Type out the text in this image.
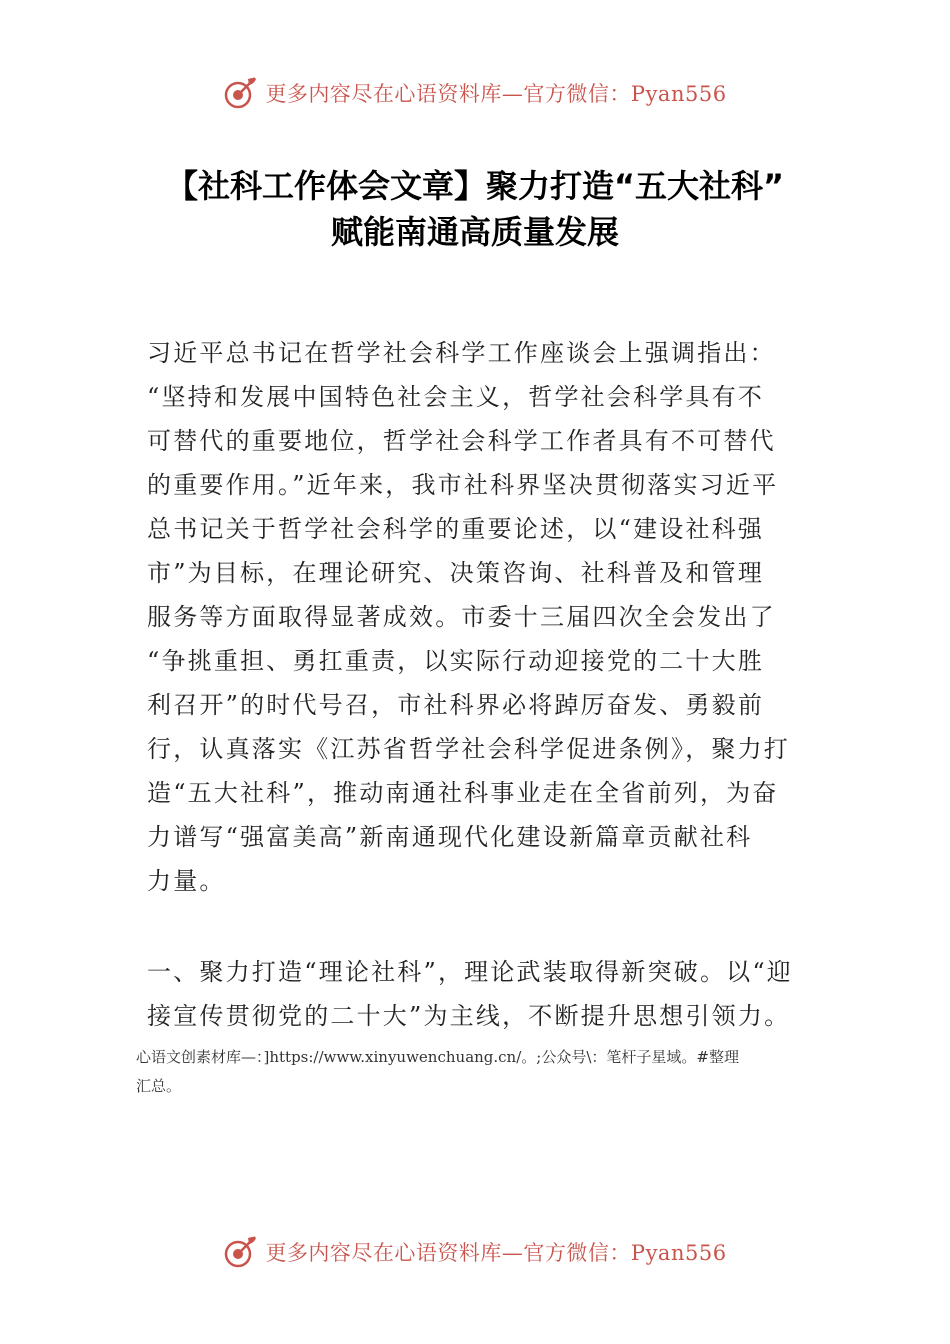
更多内容尽在心语资料库—官方微信：Pyan556
【社科工作体会文章】聚力打造“五大社科”
赋能南通高质量发展

习近平总书记在哲学社会科学工作座谈会上强调指出：
“坚持和发展中国特色社会主义，哲学社会科学具有不
可替代的重要地位，哲学社会科学工作者具有不可替代
的重要作用。”近年来，我市社科界坚决贯彻落实习近平
总书记关于哲学社会科学的重要论述，以“建设社科强
市”为目标，在理论研究、决策咨询、社科普及和管理
服务等方面取得显著成效。市委十三届四次全会发出了
“争挑重担、勇扛重责，以实际行动迎接党的二十大胜
利召开”的时代号召，市社科界必将踔厉奋发、勇毅前
行，认真落实《江苏省哲学社会科学促进条例》，聚力打
造“五大社科”，推动南通社科事业走在全省前列，为奋
力谱写“强富美高”新南通现代化建设新篇章贡献社科
力量。

一、聚力打造“理论社科”，理论武装取得新突破。以“迎
接宣传贯彻党的二十大”为主线，不断提升思想引领力。

心语文创素材库—：]https://www.xinyuwenchuang.cn/。;公众号\：笔杆子星域。#整理
汇总。
更多内容尽在心语资料库—官方微信：Pyan556
